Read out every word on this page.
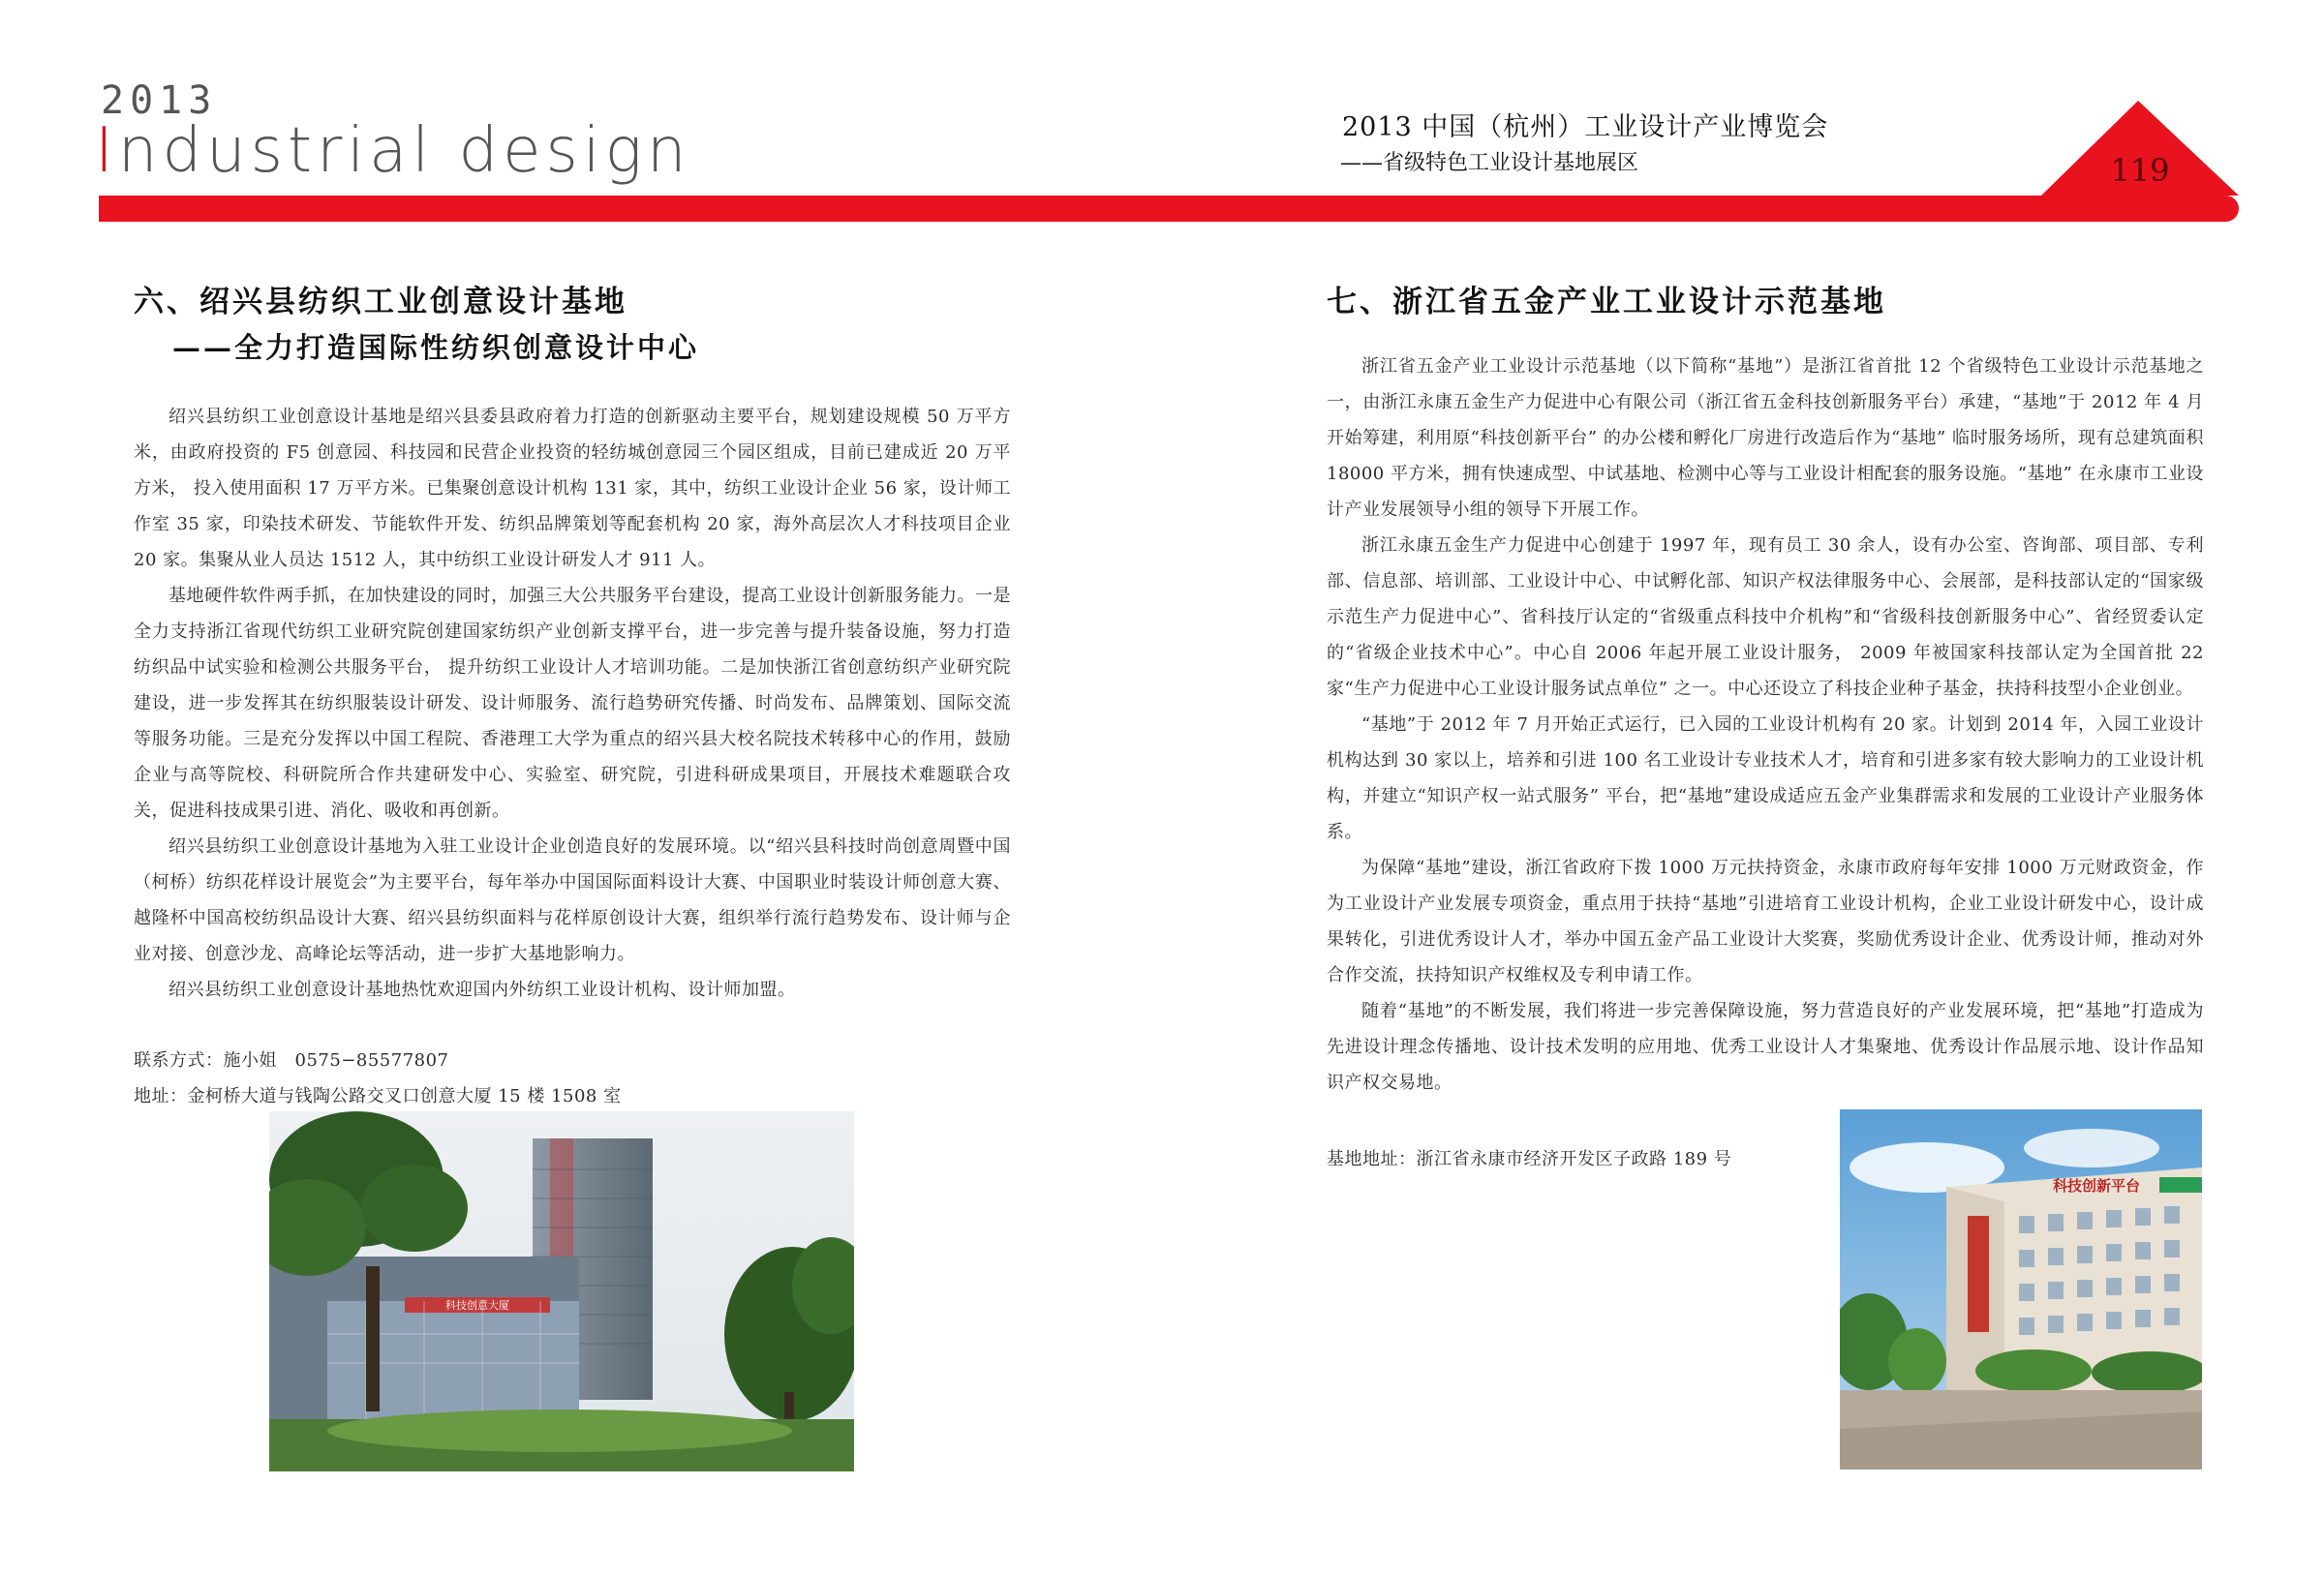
2013
Industrial design	2013 中国（杭州）工业设计产业博览会
——省级特色工业设计基地展区	119
六、绍兴县纺织工业创意设计基地
——全力打造国际性纺织创意设计中心

绍兴县纺织工业创意设计基地是绍兴县委县政府着力打造的创新驱动主要平台，规划建设规模 50 万平方米，由政府投资的 F5 创意园、科技园和民营企业投资的轻纺城创意园三个园区组成，目前已建成近 20 万平方米， 投入使用面积 17 万平方米。已集聚创意设计机构 131 家，其中，纺织工业设计企业 56 家，设计师工作室 35 家，印染技术研发、节能软件开发、纺织品牌策划等配套机构 20 家，海外高层次人才科技项目企业 20 家。集聚从业人员达 1512 人，其中纺织工业设计研发人才 911 人。

基地硬件软件两手抓，在加快建设的同时，加强三大公共服务平台建设，提高工业设计创新服务能力。一是全力支持浙江省现代纺织工业研究院创建国家纺织产业创新支撑平台，进一步完善与提升装备设施，努力打造纺织品中试实验和检测公共服务平台， 提升纺织工业设计人才培训功能。二是加快浙江省创意纺织产业研究院建设，进一步发挥其在纺织服装设计研发、设计师服务、流行趋势研究传播、时尚发布、品牌策划、国际交流等服务功能。三是充分发挥以中国工程院、香港理工大学为重点的绍兴县大校名院技术转移中心的作用，鼓励企业与高等院校、科研院所合作共建研发中心、实验室、研究院，引进科研成果项目，开展技术难题联合攻关，促进科技成果引进、消化、吸收和再创新。

绍兴县纺织工业创意设计基地为入驻工业设计企业创造良好的发展环境。以“绍兴县科技时尚创意周暨中国（柯桥）纺织花样设计展览会”为主要平台，每年举办中国国际面料设计大赛、中国职业时装设计师创意大赛、越隆杯中国高校纺织品设计大赛、绍兴县纺织面料与花样原创设计大赛，组织举行流行趋势发布、设计师与企业对接、创意沙龙、高峰论坛等活动，进一步扩大基地影响力。

绍兴县纺织工业创意设计基地热忱欢迎国内外纺织工业设计机构、设计师加盟。

联系方式：施小姐　0575−85577807
地址：金柯桥大道与钱陶公路交叉口创意大厦 15 楼 1508 室
科技创意大厦
七、浙江省五金产业工业设计示范基地

浙江省五金产业工业设计示范基地（以下简称“基地”）是浙江省首批 12 个省级特色工业设计示范基地之一，由浙江永康五金生产力促进中心有限公司（浙江省五金科技创新服务平台）承建，“基地”于 2012 年 4 月开始筹建，利用原“科技创新平台” 的办公楼和孵化厂房进行改造后作为“基地” 临时服务场所，现有总建筑面积 18000 平方米，拥有快速成型、中试基地、检测中心等与工业设计相配套的服务设施。“基地” 在永康市工业设计产业发展领导小组的领导下开展工作。

浙江永康五金生产力促进中心创建于 1997 年，现有员工 30 余人，设有办公室、咨询部、项目部、专利部、信息部、培训部、工业设计中心、中试孵化部、知识产权法律服务中心、会展部，是科技部认定的“国家级示范生产力促进中心”、省科技厅认定的“省级重点科技中介机构”和“省级科技创新服务中心”、省经贸委认定的“省级企业技术中心”。中心自 2006 年起开展工业设计服务， 2009 年被国家科技部认定为全国首批 22 家“生产力促进中心工业设计服务试点单位” 之一。中心还设立了科技企业种子基金，扶持科技型小企业创业。

“基地”于 2012 年 7 月开始正式运行，已入园的工业设计机构有 20 家。计划到 2014 年，入园工业设计机构达到 30 家以上，培养和引进 100 名工业设计专业技术人才，培育和引进多家有较大影响力的工业设计机构，并建立“知识产权一站式服务” 平台，把“基地”建设成适应五金产业集群需求和发展的工业设计产业服务体系。

为保障“基地”建设，浙江省政府下拨 1000 万元扶持资金，永康市政府每年安排 1000 万元财政资金，作为工业设计产业发展专项资金，重点用于扶持“基地”引进培育工业设计机构，企业工业设计研发中心，设计成果转化，引进优秀设计人才，举办中国五金产品工业设计大奖赛，奖励优秀设计企业、优秀设计师，推动对外合作交流，扶持知识产权维权及专利申请工作。

随着“基地”的不断发展，我们将进一步完善保障设施，努力营造良好的产业发展环境，把“基地”打造成为先进设计理念传播地、设计技术发明的应用地、优秀工业设计人才集聚地、优秀设计作品展示地、设计作品知识产权交易地。

基地地址：浙江省永康市经济开发区子政路 189 号
科技创新平台
